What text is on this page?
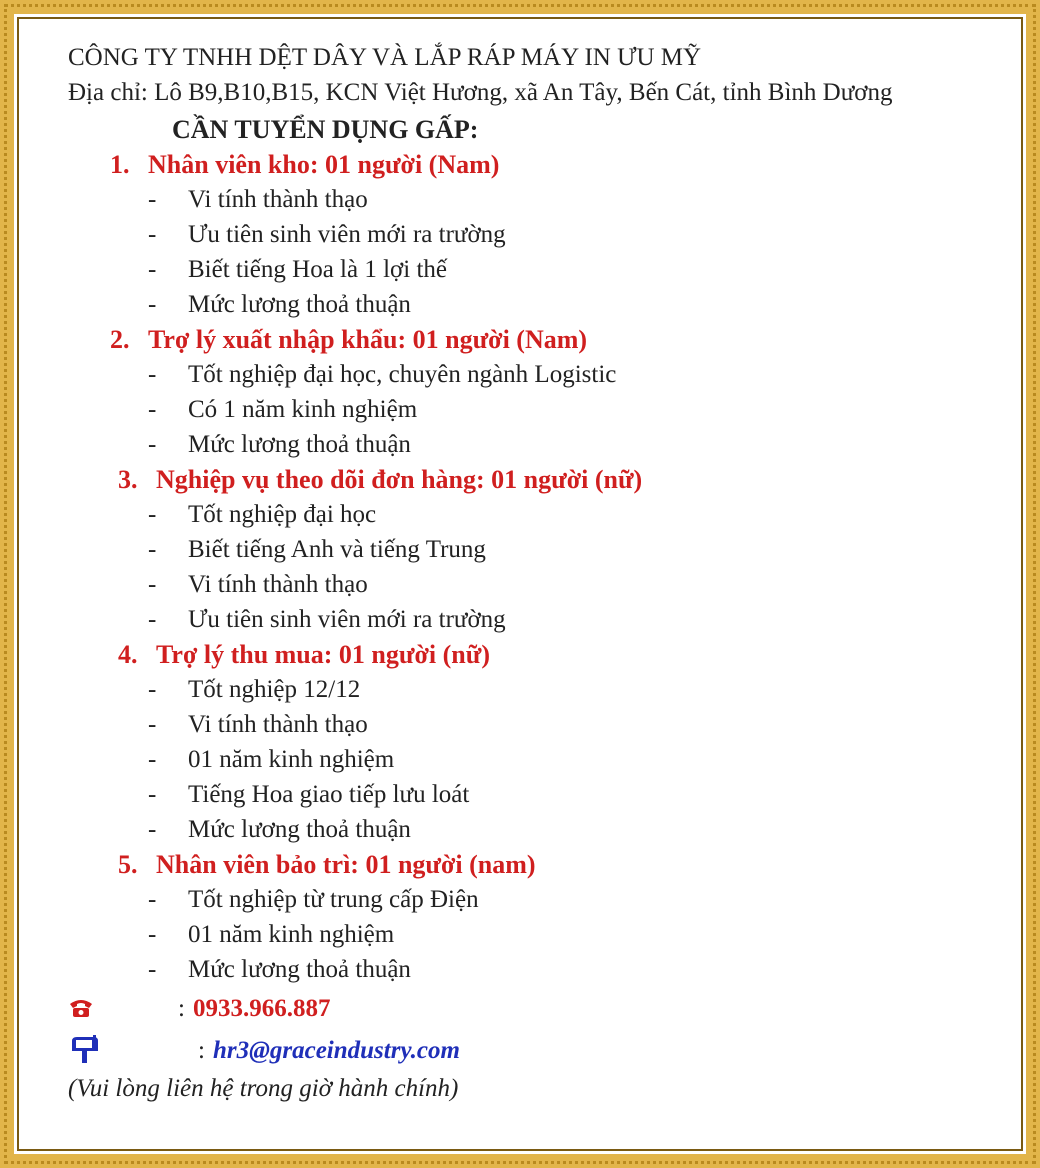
CÔNG TY TNHH DỆT DÂY VÀ LẮP RÁP MÁY IN ƯU MỸ
Địa chỉ: Lô B9,B10,B15, KCN Việt Hương, xã An Tây, Bến Cát, tỉnh Bình Dương
CẦN TUYỂN DỤNG GẤP:
1. Nhân viên kho: 01 người (Nam)
-	Vi tính thành thạo
-	Ưu tiên sinh viên mới ra trường
-	Biết tiếng Hoa là 1 lợi thế
-	Mức lương thoả thuận
2. Trợ lý xuất nhập khẩu: 01 người (Nam)
-	Tốt nghiệp đại học, chuyên ngành Logistic
-	Có 1 năm kinh nghiệm
-	Mức lương thoả thuận
3. Nghiệp vụ theo dõi đơn hàng: 01 người (nữ)
-	Tốt nghiệp đại học
-	Biết tiếng Anh và tiếng Trung
-	Vi tính thành thạo
-	Ưu tiên sinh viên mới ra trường
4. Trợ lý thu mua: 01 người (nữ)
-	Tốt nghiệp 12/12
-	Vi tính thành thạo
-	01 năm kinh nghiệm
-	Tiếng Hoa giao tiếp lưu loát
-	Mức lương thoả thuận
5. Nhân viên bảo trì: 01 người (nam)
-	Tốt nghiệp từ trung cấp Điện
-	01 năm kinh nghiệm
-	Mức lương thoả thuận
: 0933.966.887
: hr3@graceindustry.com
(Vui lòng liên hệ trong giờ hành chính)
